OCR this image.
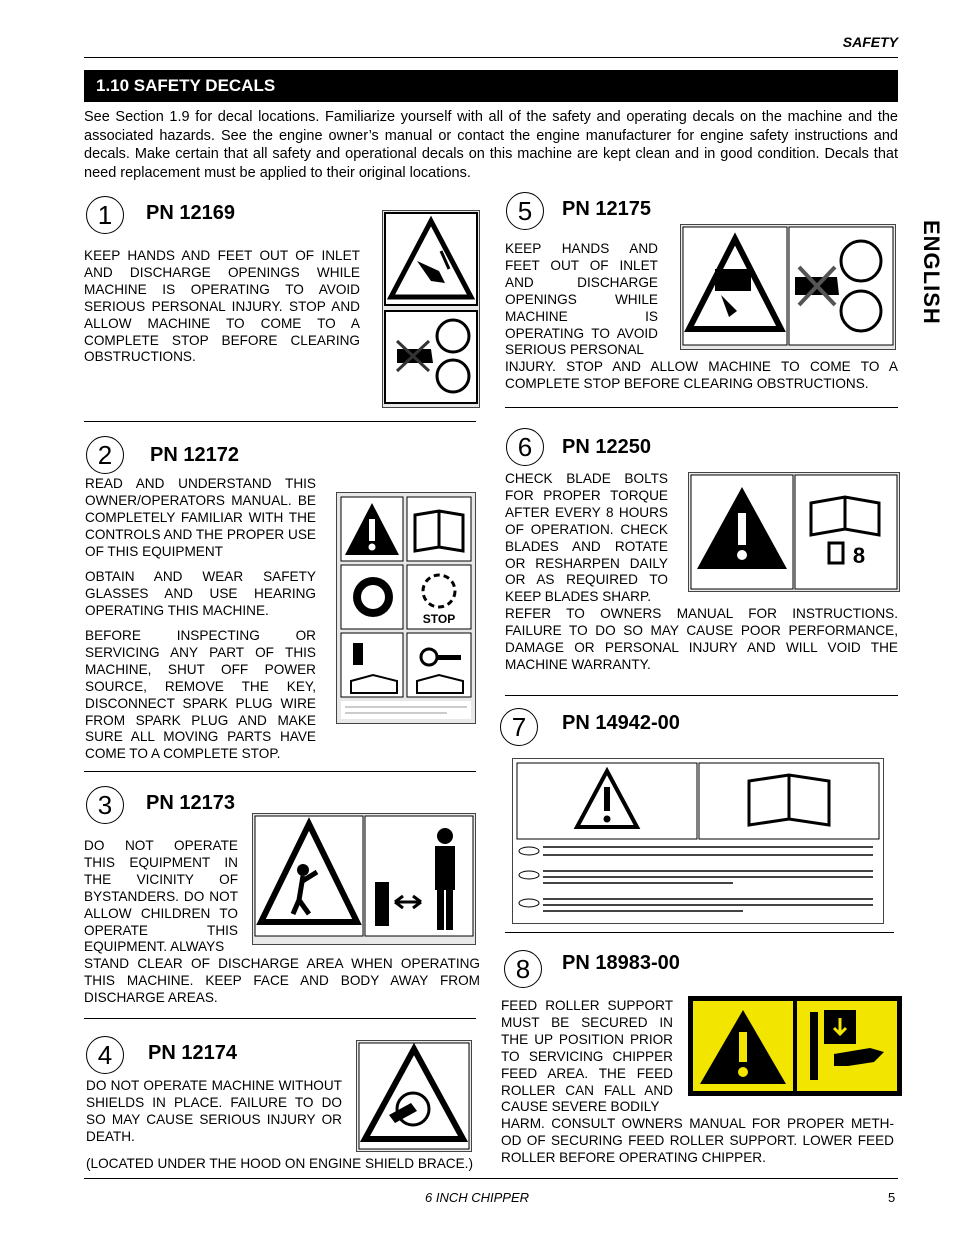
SAFETY
1.10 SAFETY DECALS
See Section 1.9 for decal locations. Familiarize yourself with all of the safety and operating decals on the machine and the associated hazards. See the engine owner’s manual or contact the engine manufacturer for engine safety instructions and decals. Make certain that all safety and operational decals on this machine are kept clean and in good condition. Decals that need replacement must be applied to their original locations.
ENGLISH
1	PN 12169
KEEP HANDS AND FEET OUT OF INLET AND DISCHARGE OPENINGS WHILE MACHINE IS OPERATING TO AVOID SERIOUS PERSONAL INJURY. STOP AND ALLOW MACHINE TO COME TO A COMPLETE STOP BEFORE CLEARING OBSTRUCTIONS.
2	PN 12172
READ AND UNDERSTAND THIS OWNER/OPERATORS MANUAL. BE COMPLETELY FAMILIAR WITH THE CONTROLS AND THE PROPER USE OF THIS EQUIPMENT
OBTAIN AND WEAR SAFETY GLASSES AND USE HEARING OPERATING THIS MACHINE.
BEFORE INSPECTING OR SERVICING ANY PART OF THIS MACHINE, SHUT OFF POWER SOURCE, REMOVE THE KEY, DISCONNECT SPARK PLUG WIRE FROM SPARK PLUG AND MAKE SURE ALL MOVING PARTS HAVE COME TO A COMPLETE STOP.
STOP
3	PN 12173
DO NOT OPERATE THIS EQUIPMENT IN THE VICINITY OF BYSTANDERS. DO NOT ALLOW CHILDREN TO OPERATE THIS EQUIPMENT. ALWAYS
STAND CLEAR OF DISCHARGE AREA WHEN OPERATING THIS MACHINE. KEEP FACE AND BODY AWAY FROM DISCHARGE AREAS.
4	PN 12174
DO NOT OPERATE MACHINE WITHOUT SHIELDS IN PLACE. FAILURE TO DO SO MAY CAUSE SERIOUS INJURY OR DEATH.
(LOCATED UNDER THE HOOD ON ENGINE SHIELD BRACE.)
5	PN 12175
KEEP HANDS AND FEET OUT OF INLET AND DISCHARGE OPENINGS WHILE MACHINE IS OPERATING TO AVOID SERIOUS PERSONAL
INJURY. STOP AND ALLOW MACHINE TO COME TO A COMPLETE STOP BEFORE CLEARING OBSTRUCTIONS.
6	PN 12250
CHECK BLADE BOLTS FOR PROPER TORQUE AFTER EVERY 8 HOURS OF OPERATION. CHECK BLADES AND ROTATE OR RESHARPEN DAILY OR AS REQUIRED TO KEEP BLADES SHARP.
REFER TO OWNERS MANUAL FOR INSTRUCTIONS. FAILURE TO DO SO MAY CAUSE POOR PERFORMANCE, DAMAGE OR PERSONAL INJURY AND WILL VOID THE MACHINE WARRANTY.
8
7	PN 14942-00
8	PN 18983-00
FEED ROLLER SUPPORT MUST BE SECURED IN THE UP POSITION PRIOR TO SERVICING CHIPPER FEED AREA. THE FEED ROLLER CAN FALL AND CAUSE SEVERE BODILY
HARM. CONSULT OWNERS MANUAL FOR PROPER METH-OD OF SECURING FEED ROLLER SUPPORT. LOWER FEED ROLLER BEFORE OPERATING CHIPPER.
6 INCH CHIPPER	5
